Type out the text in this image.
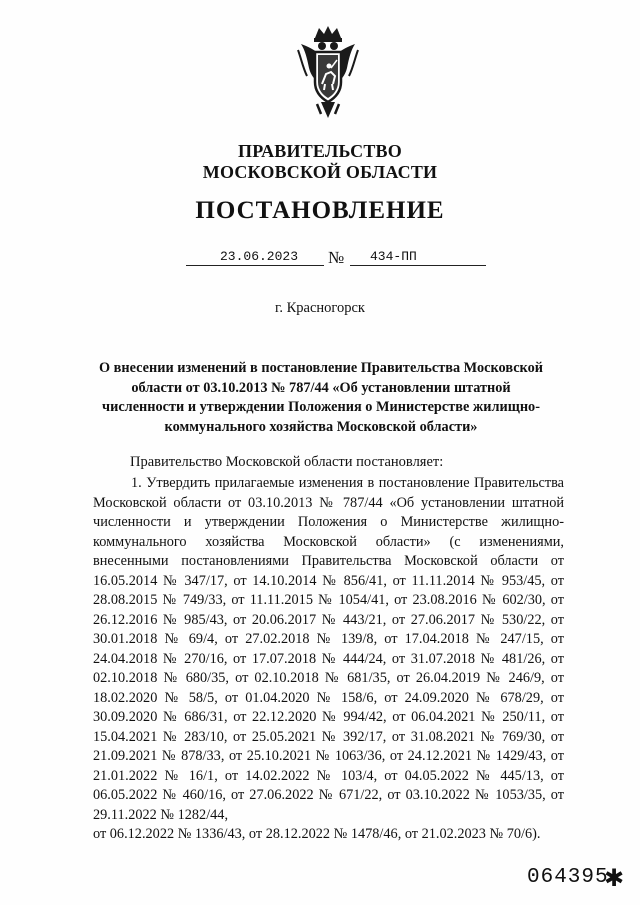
ПРАВИТЕЛЬСТВО
МОСКОВСКОЙ ОБЛАСТИ
ПОСТАНОВЛЕНИЕ
23.06.2023 № 434-ПП
г. Красногорск
О внесении изменений в постановление Правительства Московской области от 03.10.2013 № 787/44 «Об установлении штатной численности и утверждении Положения о Министерстве жилищно-коммунального хозяйства Московской области»
Правительство Московской области постановляет:

1. Утвердить прилагаемые изменения в постановление Правительства Московской области от 03.10.2013 № 787/44 «Об установлении штатной численности и утверждении Положения о Министерстве жилищно-коммунального хозяйства Московской области» (с изменениями, внесенными постановлениями Правительства Московской области от 16.05.2014 № 347/17, от 14.10.2014 № 856/41, от 11.11.2014 № 953/45, от 28.08.2015 № 749/33, от 11.11.2015 № 1054/41, от 23.08.2016 № 602/30, от 26.12.2016 № 985/43, от 20.06.2017 № 443/21, от 27.06.2017 № 530/22, от 30.01.2018 № 69/4, от 27.02.2018 № 139/8, от 17.04.2018 № 247/15, от 24.04.2018 № 270/16, от 17.07.2018 № 444/24, от 31.07.2018 № 481/26, от 02.10.2018 № 680/35, от 02.10.2018 № 681/35, от 26.04.2019 № 246/9, от 18.02.2020 № 58/5, от 01.04.2020 № 158/6, от 24.09.2020 № 678/29, от 30.09.2020 № 686/31, от 22.12.2020 № 994/42, от 06.04.2021 № 250/11, от 15.04.2021 № 283/10, от 25.05.2021 № 392/17, от 31.08.2021 № 769/30, от 21.09.2021 № 878/33, от 25.10.2021 № 1063/36, от 24.12.2021 № 1429/43, от 21.01.2022 № 16/1, от 14.02.2022 № 103/4, от 04.05.2022 № 445/13, от 06.05.2022 № 460/16, от 27.06.2022 № 671/22, от 03.10.2022 № 1053/35, от 29.11.2022 № 1282/44,

от 06.12.2022 № 1336/43, от 28.12.2022 № 1478/46, от 21.02.2023 № 70/6).

064395
✱
